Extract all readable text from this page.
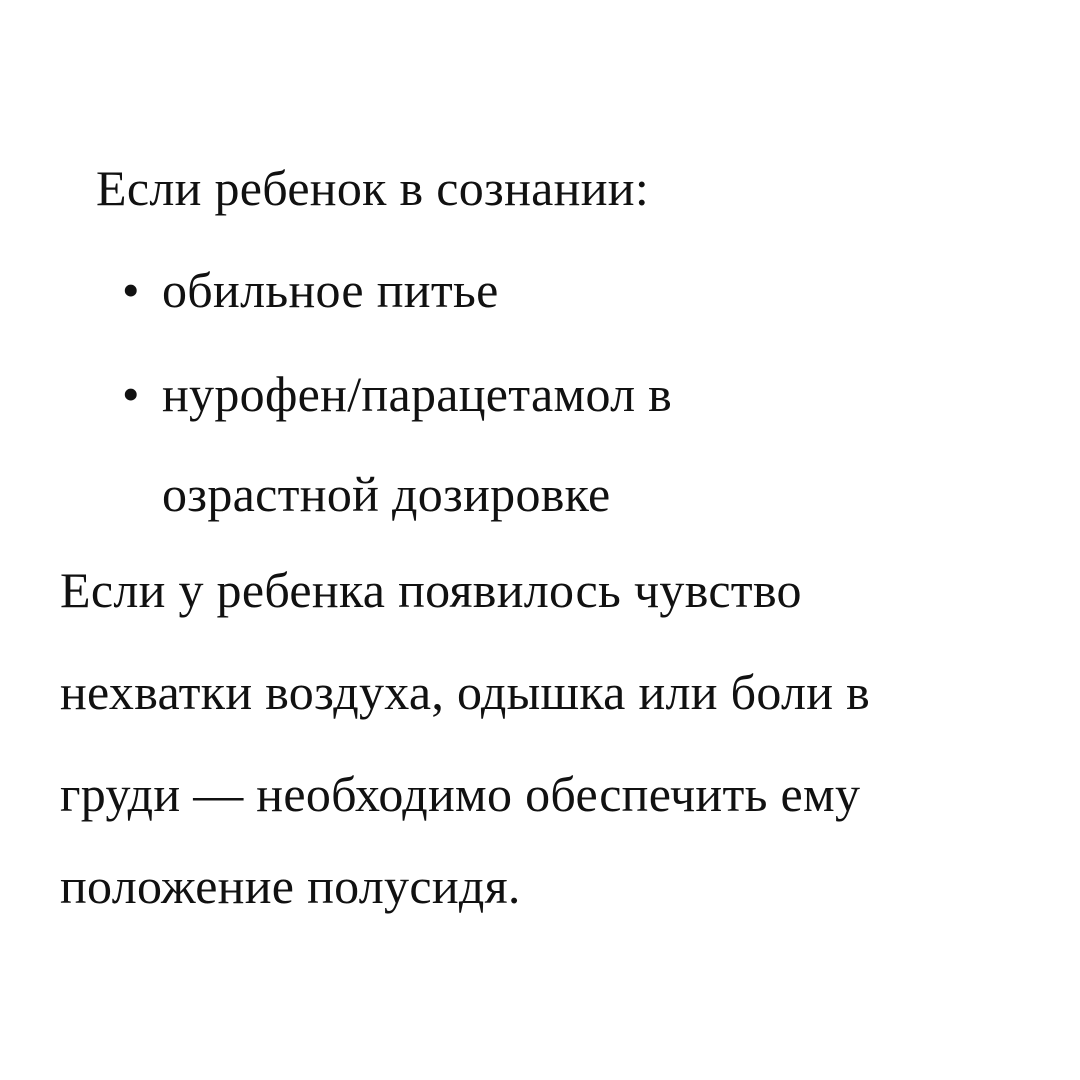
Если ребенок в сознании:
• обильное питье
• нурофен/парацетамол в
озрастной дозировке
Если у ребенка появилось чувство
нехватки воздуха, одышка или боли в
груди — необходимо обеспечить ему
положение полусидя.
